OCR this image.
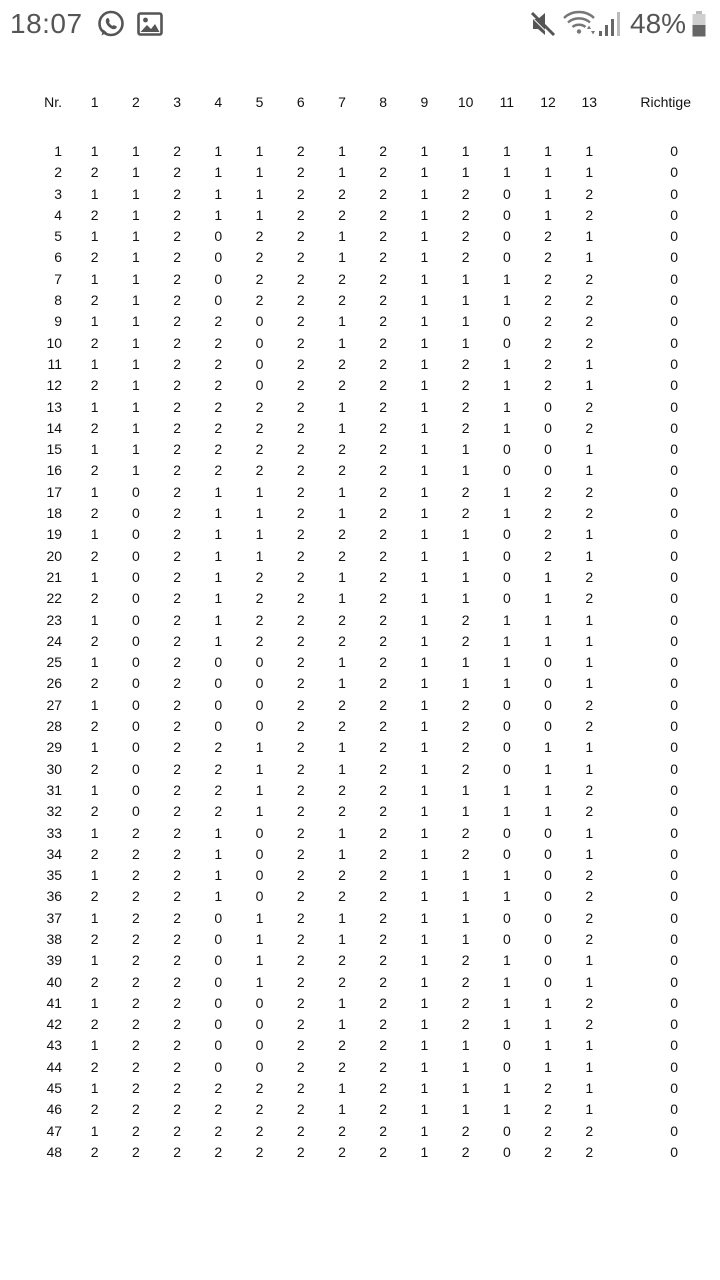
18:07	48%
Nr.	1	2	3	4	5	6	7	8	9	10	11	12	13	Richtige

1	1	1	2	1	1	2	1	2	1	1	1	1	1	0
2	2	1	2	1	1	2	1	2	1	1	1	1	1	0
3	1	1	2	1	1	2	2	2	1	2	0	1	2	0
4	2	1	2	1	1	2	2	2	1	2	0	1	2	0
5	1	1	2	0	2	2	1	2	1	2	0	2	1	0
6	2	1	2	0	2	2	1	2	1	2	0	2	1	0
7	1	1	2	0	2	2	2	2	1	1	1	2	2	0
8	2	1	2	0	2	2	2	2	1	1	1	2	2	0
9	1	1	2	2	0	2	1	2	1	1	0	2	2	0
10	2	1	2	2	0	2	1	2	1	1	0	2	2	0
11	1	1	2	2	0	2	2	2	1	2	1	2	1	0
12	2	1	2	2	0	2	2	2	1	2	1	2	1	0
13	1	1	2	2	2	2	1	2	1	2	1	0	2	0
14	2	1	2	2	2	2	1	2	1	2	1	0	2	0
15	1	1	2	2	2	2	2	2	1	1	0	0	1	0
16	2	1	2	2	2	2	2	2	1	1	0	0	1	0
17	1	0	2	1	1	2	1	2	1	2	1	2	2	0
18	2	0	2	1	1	2	1	2	1	2	1	2	2	0
19	1	0	2	1	1	2	2	2	1	1	0	2	1	0
20	2	0	2	1	1	2	2	2	1	1	0	2	1	0
21	1	0	2	1	2	2	1	2	1	1	0	1	2	0
22	2	0	2	1	2	2	1	2	1	1	0	1	2	0
23	1	0	2	1	2	2	2	2	1	2	1	1	1	0
24	2	0	2	1	2	2	2	2	1	2	1	1	1	0
25	1	0	2	0	0	2	1	2	1	1	1	0	1	0
26	2	0	2	0	0	2	1	2	1	1	1	0	1	0
27	1	0	2	0	0	2	2	2	1	2	0	0	2	0
28	2	0	2	0	0	2	2	2	1	2	0	0	2	0
29	1	0	2	2	1	2	1	2	1	2	0	1	1	0
30	2	0	2	2	1	2	1	2	1	2	0	1	1	0
31	1	0	2	2	1	2	2	2	1	1	1	1	2	0
32	2	0	2	2	1	2	2	2	1	1	1	1	2	0
33	1	2	2	1	0	2	1	2	1	2	0	0	1	0
34	2	2	2	1	0	2	1	2	1	2	0	0	1	0
35	1	2	2	1	0	2	2	2	1	1	1	0	2	0
36	2	2	2	1	0	2	2	2	1	1	1	0	2	0
37	1	2	2	0	1	2	1	2	1	1	0	0	2	0
38	2	2	2	0	1	2	1	2	1	1	0	0	2	0
39	1	2	2	0	1	2	2	2	1	2	1	0	1	0
40	2	2	2	0	1	2	2	2	1	2	1	0	1	0
41	1	2	2	0	0	2	1	2	1	2	1	1	2	0
42	2	2	2	0	0	2	1	2	1	2	1	1	2	0
43	1	2	2	0	0	2	2	2	1	1	0	1	1	0
44	2	2	2	0	0	2	2	2	1	1	0	1	1	0
45	1	2	2	2	2	2	1	2	1	1	1	2	1	0
46	2	2	2	2	2	2	1	2	1	1	1	2	1	0
47	1	2	2	2	2	2	2	2	1	2	0	2	2	0
48	2	2	2	2	2	2	2	2	1	2	0	2	2	0
